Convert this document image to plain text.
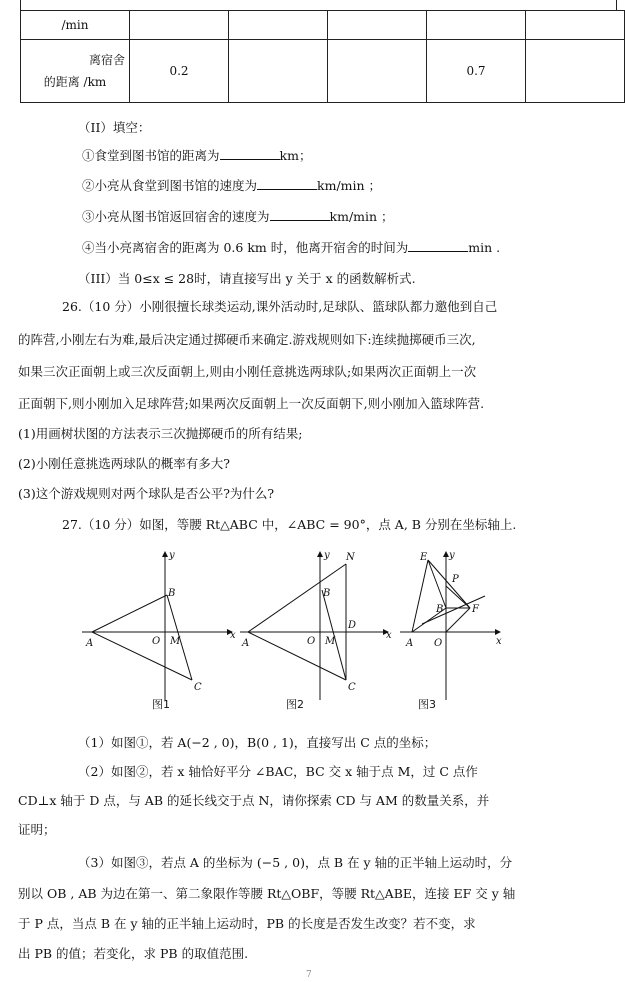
/min					

离宿舍
的距离 /km	0.2			0.7	
（II）填空：
①食堂到图书馆的距离为	km；
②小亮从食堂到图书馆的速度为	km/min ；
③小亮从图书馆返回宿舍的速度为	km/min ；
④当小亮离宿舍的距离为 0.6 km 时，他离开宿舍的时间为	min .
（III）当 0≤x ≤ 28时，请直接写出 y 关于 x 的函数解析式.
26.（10 分）小刚很擅长球类运动,课外活动时,足球队、篮球队都力邀他到自己
的阵营,小刚左右为难,最后决定通过掷硬币来确定.游戏规则如下:连续抛掷硬币三次,
如果三次正面朝上或三次反面朝上,则由小刚任意挑选两球队;如果两次正面朝上一次
正面朝下,则小刚加入足球阵营;如果两次反面朝上一次反面朝下,则小刚加入篮球阵营.
(1)用画树状图的方法表示三次抛掷硬币的所有结果;
(2)小刚任意挑选两球队的概率有多大?
(3)这个游戏规则对两个球队是否公平?为什么?
27.（10 分）如图，等腰 Rt△ABC 中，∠ABC = 90°，点 A, B 分别在坐标轴上.
y
B
x
A	O M
C
y N
B
D
x
A	O M
C
E y
P
B	F
A O	x
图1	图2	图3
（1）如图①，若 A(−2 , 0)，B(0 , 1)，直接写出 C 点的坐标；
（2）如图②，若 x 轴恰好平分 ∠BAC，BC 交 x 轴于点 M，过 C 点作
CD⊥x 轴于 D 点，与 AB 的延长线交于点 N，请你探索 CD 与 AM 的数量关系，并
证明；
（3）如图③，若点 A 的坐标为 (−5 , 0)，点 B 在 y 轴的正半轴上运动时，分
别以 OB , AB 为边在第一、第二象限作等腰 Rt△OBF，等腰 Rt△ABE，连接 EF 交 y 轴
于 P 点，当点 B 在 y 轴的正半轴上运动时，PB 的长度是否发生改变？若不变，求
出 PB 的值；若变化，求 PB 的取值范围.
7
